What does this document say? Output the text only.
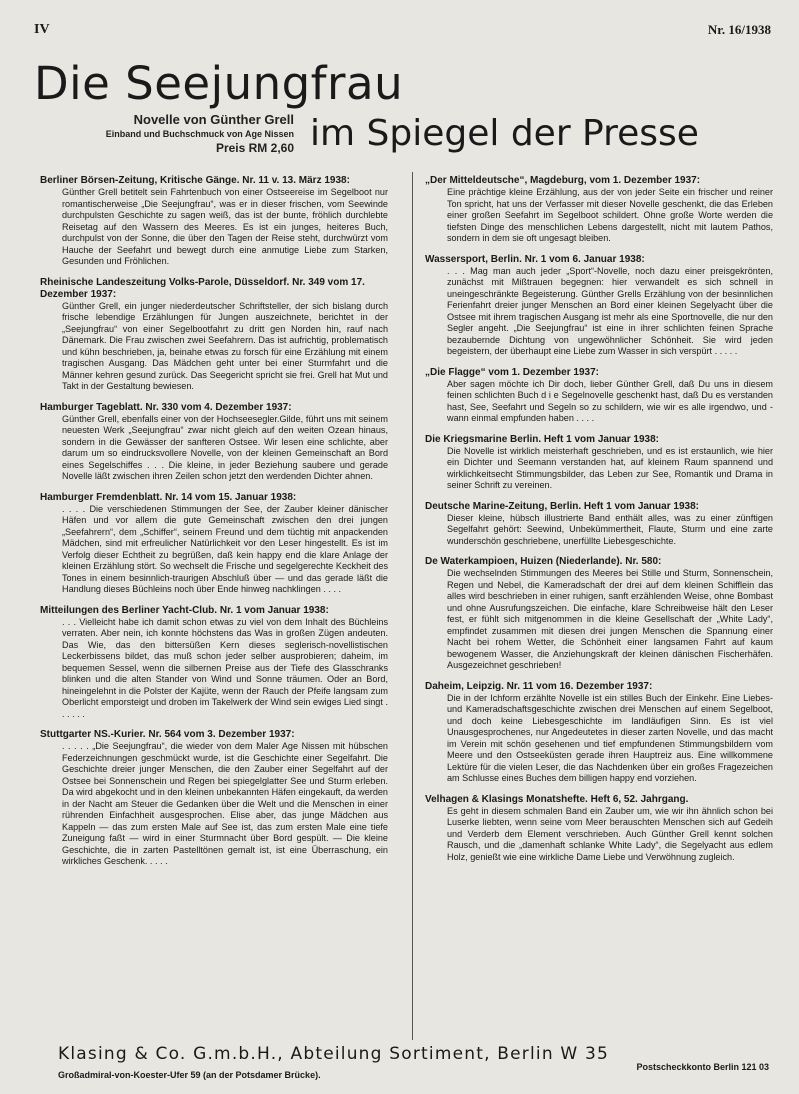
IV	Nr. 16/1938
Die Seejungfrau
Novelle von Günther Grell
Einband und Buchschmuck von Age Nissen
Preis RM 2,60 im Spiegel der Presse

Berliner Börsen-Zeitung, Kritische Gänge. Nr. 11 v. 13. März 1938:

Günther Grell betitelt sein Fahrtenbuch von einer Ostseereise im Segelboot nur romantischerweise „Die Seejungfrau“, was er in dieser frischen, vom Seewinde durchpulsten Geschichte zu sagen weiß, das ist der bunte, fröhlich durchlebte Reisetag auf den Wassern des Meeres. Es ist ein junges, heiteres Buch, durchpulst von der Sonne, die über den Tagen der Reise steht, durchwürzt vom Hauche der Seefahrt und bewegt durch eine anmutige Liebe zum Starken, Gesunden und Fröhlichen.

Rheinische Landeszeitung Volks-Parole, Düsseldorf. Nr. 349 vom 17. Dezember 1937:

Günther Grell, ein junger niederdeutscher Schriftsteller, der sich bislang durch frische lebendige Erzählungen für Jungen auszeichnete, berichtet in der „Seejungfrau“ von einer Segelbootfahrt zu dritt gen Norden hin, rauf nach Dänemark. Die Frau zwischen zwei Seefahrern. Das ist aufrichtig, problematisch und kühn beschrieben, ja, beinahe etwas zu forsch für eine Erzählung mit einem tragischen Ausgang. Das Mädchen geht unter bei einer Sturmfahrt und die Männer kehren gesund zurück. Das Seegericht spricht sie frei. Grell hat Mut und Takt in der Gestaltung bewiesen.

Hamburger Tageblatt. Nr. 330 vom 4. Dezember 1937:

Günther Grell, ebenfalls einer von der Hochseesegler.Gilde, führt uns mit seinem neuesten Werk „Seejungfrau“ zwar nicht gleich auf den weiten Ozean hinaus, sondern in die Gewässer der sanfteren Ostsee. Wir lesen eine schlichte, aber darum um so eindrucksvollere Novelle, von der kleinen Gemeinschaft an Bord eines Segelschiffes . . . Die kleine, in jeder Beziehung saubere und gerade Novelle läßt zwischen ihren Zeilen schon jetzt den werdenden Dichter ahnen.

Hamburger Fremdenblatt. Nr. 14 vom 15. Januar 1938:

. . . . Die verschiedenen Stimmungen der See, der Zauber kleiner dänischer Häfen und vor allem die gute Gemeinschaft zwischen den drei jungen „Seefahrern“, dem „Schiffer“, seinem Freund und dem tüchtig mit anpackenden Mädchen, sind mit erfreulicher Natürlichkeit vor den Leser hingestellt. Es ist im Verfolg dieser Echtheit zu begrüßen, daß kein happy end die klare Anlage der kleinen Erzählung stört. So wechselt die Frische und segelgerechte Keckheit des Tones in einem besinnlich-traurigen Abschluß über — und das gerade läßt die Handlung dieses Büchleins noch über Ende hinweg nachklingen . . . .

Mitteilungen des Berliner Yacht-Club. Nr. 1 vom Januar 1938:

. . . Vielleicht habe ich damit schon etwas zu viel von dem Inhalt des Büchleins verraten. Aber nein, ich konnte höchstens das Was in großen Zügen andeuten. Das Wie, das den bittersüßen Kern dieses seglerisch-novellistischen Leckerbissens bildet, das muß schon jeder selber ausprobieren; daheim, im bequemen Sessel, wenn die silbernen Preise aus der Tiefe des Glasschranks blinken und die alten Stander von Wind und Sonne träumen. Oder an Bord, hineingelehnt in die Polster der Kajüte, wenn der Rauch der Pfeife langsam zum Oberlicht emporsteigt und droben im Takelwerk der Wind sein ewiges Lied singt . . . . . .

Stuttgarter NS.-Kurier. Nr. 564 vom 3. Dezember 1937:

. . . . . „Die Seejungfrau“, die wieder von dem Maler Age Nissen mit hübschen Federzeichnungen geschmückt wurde, ist die Geschichte einer Segelfahrt. Die Geschichte dreier junger Menschen, die den Zauber einer Segelfahrt auf der Ostsee bei Sonnenschein und Regen bei spiegelglatter See und Sturm erleben. Da wird abgekocht und in den kleinen unbekannten Häfen eingekauft, da werden in der Nacht am Steuer die Gedanken über die Welt und die Menschen in einer rührenden Einfachheit ausgesprochen. Elise aber, das junge Mädchen aus Kappeln — das zum ersten Male auf See ist, das zum ersten Male eine tiefe Zuneigung faßt — wird in einer Sturmnacht über Bord gespült. — Die kleine Geschichte, die in zarten Pastelltönen gemalt ist, ist eine Überraschung, ein wirkliches Geschenk. . . . .

„Der Mitteldeutsche“, Magdeburg, vom 1. Dezember 1937:

Eine prächtige kleine Erzählung, aus der von jeder Seite ein frischer und reiner Ton spricht, hat uns der Verfasser mit dieser Novelle geschenkt, die das Erleben einer großen Seefahrt im Segelboot schildert. Ohne große Worte werden die tiefsten Dinge des menschlichen Lebens dargestellt, nicht mit lautem Pathos, sondern in dem sie oft ungesagt bleiben.

Wassersport, Berlin. Nr. 1 vom 6. Januar 1938:

. . . Mag man auch jeder „Sport“-Novelle, noch dazu einer preisgekrönten, zunächst mit Mißtrauen begegnen: hier verwandelt es sich schnell in uneingeschränkte Begeisterung. Günther Grells Erzählung von der besinnlichen Ferienfahrt dreier junger Menschen an Bord einer kleinen Segelyacht über die Ostsee mit ihrem tragischen Ausgang ist mehr als eine Sportnovelle, die nur den Segler angeht. „Die Seejungfrau“ ist eine in ihrer schlichten feinen Sprache bezaubernde Dichtung von ungewöhnlicher Schönheit. Sie wird jeden begeistern, der überhaupt eine Liebe zum Wasser in sich verspürt . . . . .

„Die Flagge“ vom 1. Dezember 1937:

Aber sagen möchte ich Dir doch, lieber Günther Grell, daß Du uns in diesem feinen schlichten Buch d i e Segelnovelle geschenkt hast, daß Du es verstanden hast, See, Seefahrt und Segeln so zu schildern, wie wir es alle irgendwo, und -wann einmal empfunden haben . . . .

Die Kriegsmarine Berlin. Heft 1 vom Januar 1938:

Die Novelle ist wirklich meisterhaft geschrieben, und es ist erstaunlich, wie hier ein Dichter und Seemann verstanden hat, auf kleinem Raum spannend und wirklichkeitsecht Stimmungsbilder, das Leben zur See, Romantik und Drama in seiner Schrift zu vereinen.

Deutsche Marine-Zeitung, Berlin. Heft 1 vom Januar 1938:

Dieser kleine, hübsch illustrierte Band enthält alles, was zu einer zünftigen Segelfahrt gehört: Seewind, Unbekümmertheit, Flaute, Sturm und eine zarte wunderschön geschriebene, unerfüllte Liebesgeschichte.

De Waterkampioen, Huizen (Niederlande). Nr. 580:

Die wechselnden Stimmungen des Meeres bei Stille und Sturm, Sonnenschein, Regen und Nebel, die Kameradschaft der drei auf dem kleinen Schifflein das alles wird beschrieben in einer ruhigen, sanft erzählenden Weise, ohne Bombast und ohne Ausrufungszeichen. Die einfache, klare Schreibweise hält den Leser fest, er fühlt sich mitgenommen in die kleine Gesellschaft der „White Lady“, empfindet zusammen mit diesen drei jungen Menschen die Spannung einer Nacht bei rohem Wetter, die Schönheit einer langsamen Fahrt auf kaum bewogenem Wasser, die Anziehungskraft der kleinen dänischen Fischerhäfen. Ausgezeichnet geschrieben!

Daheim, Leipzig. Nr. 11 vom 16. Dezember 1937:

Die in der Ichform erzählte Novelle ist ein stilles Buch der Einkehr. Eine Liebes- und Kameradschaftsgeschichte zwischen drei Menschen auf einem Segelboot, und doch keine Liebesgeschichte im landläufigen Sinn. Es ist viel Unausgesprochenes, nur Angedeutetes in dieser zarten Novelle, und das macht im Verein mit schön gesehenen und tief empfundenen Stimmungsbildern vom Meere und den Ostseeküsten gerade ihren Hauptreiz aus. Eine willkommene Lektüre für die vielen Leser, die das Nachdenken über ein großes Fragezeichen am Schlusse eines Buches dem billigen happy end vorziehen.

Velhagen & Klasings Monatshefte. Heft 6, 52. Jahrgang.

Es geht in diesem schmalen Band ein Zauber um, wie wir ihn ähnlich schon bei Luserke liebten, wenn seine vom Meer berauschten Menschen sich auf Gedeih und Verderb dem Element verschrieben. Auch Günther Grell kennt solchen Rausch, und die „damenhaft schlanke White Lady“, die Segelyacht aus edlem Holz, genießt wie eine wirkliche Dame Liebe und Verwöhnung zugleich.

Klasing & Co. G.m.b.H., Abteilung Sortiment, Berlin W 35
Großadmiral-von-Koester-Ufer 59 (an der Potsdamer Brücke).
Postscheckkonto Berlin 121 03
